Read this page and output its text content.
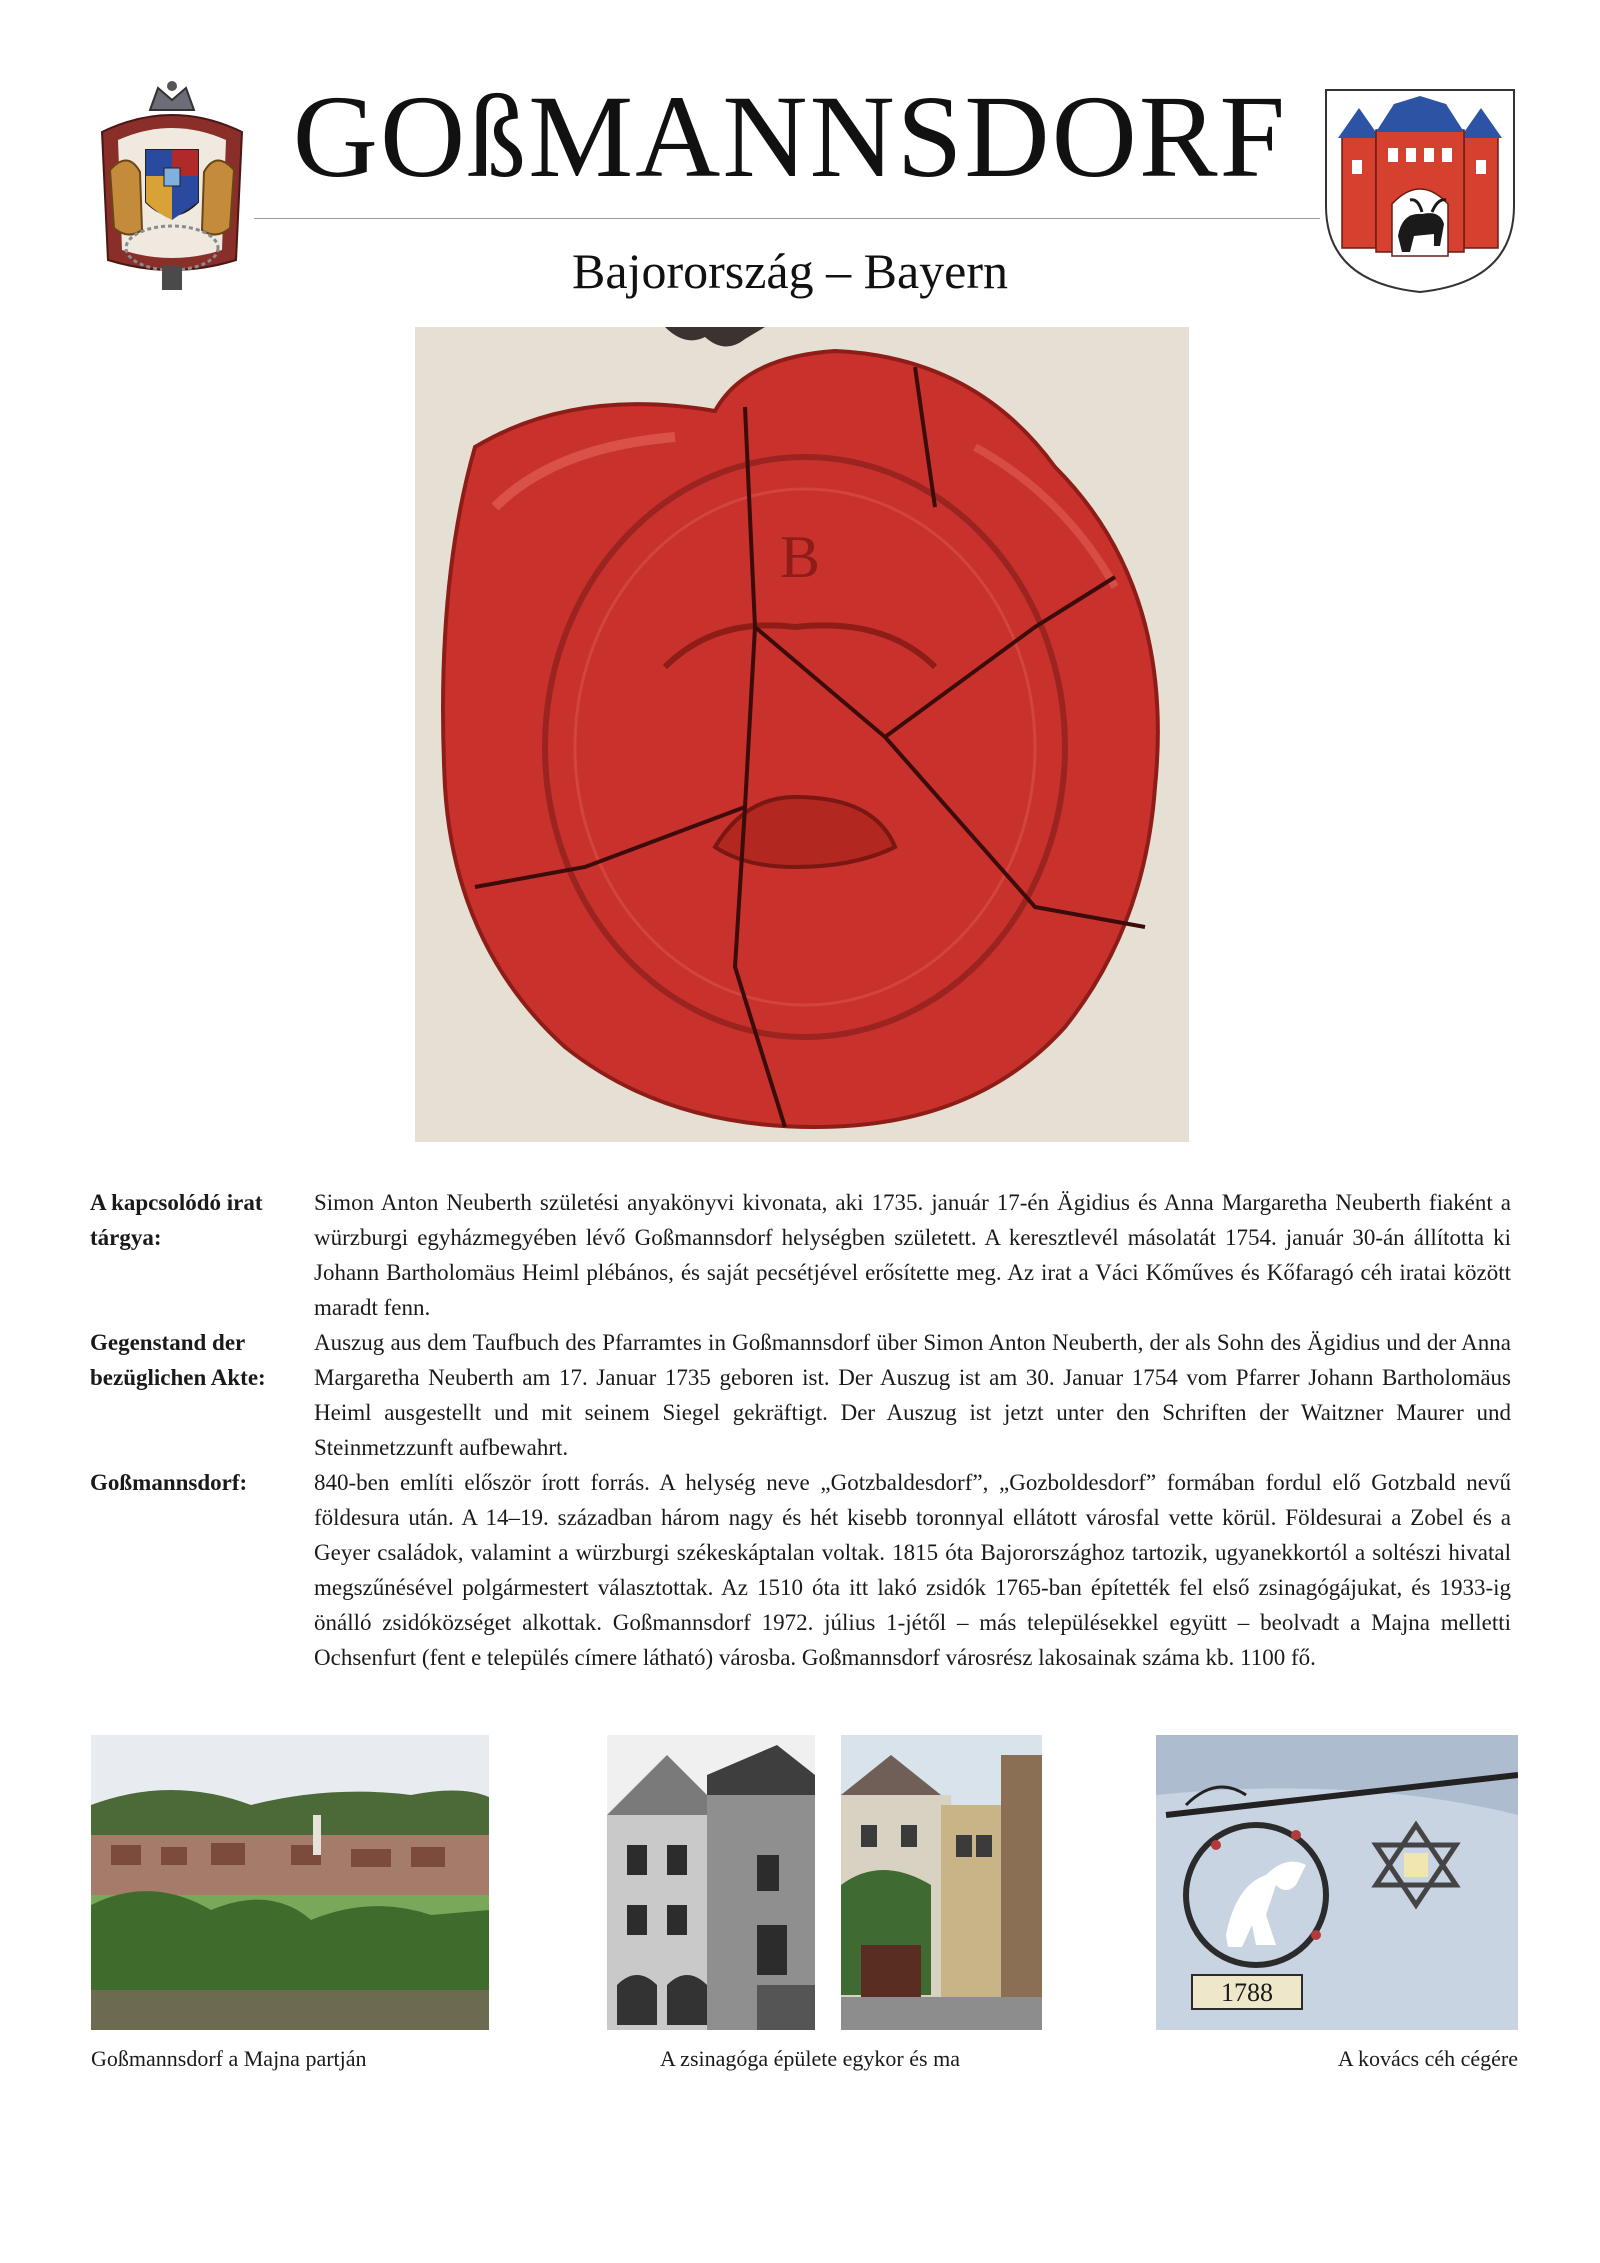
GOßMANNSDORF
Bajorország – Bayern
B
A kapcsolódó irat tárgya:
Simon Anton Neuberth születési anyakönyvi kivonata, aki 1735. január 17-én Ägidius és Anna Margaretha Neuberth fiaként a würzburgi egyházmegyében lévő Goßmannsdorf helységben született. A keresztlevél másolatát 1754. január 30-án állította ki Johann Bartholomäus Heiml plébános, és saját pecsétjével erősítette meg. Az irat a Váci Kőműves és Kőfaragó céh iratai között maradt fenn.
Gegenstand der bezüglichen Akte:
Auszug aus dem Taufbuch des Pfarramtes in Goßmannsdorf über Simon Anton Neuberth, der als Sohn des Ägidius und der Anna Margaretha Neuberth am 17. Januar 1735 geboren ist. Der Auszug ist am 30. Januar 1754 vom Pfarrer Johann Bartholomäus Heiml ausgestellt und mit seinem Siegel gekräftigt. Der Auszug ist jetzt unter den Schriften der Waitzner Maurer und Steinmetzzunft aufbewahrt.
Goßmannsdorf:	840-ben említi először írott forrás. A helység neve „Gotzbaldesdorf”, „Gozboldesdorf” formában fordul elő Gotzbald nevű földesura után. A 14–19. században három nagy és hét kisebb toronnyal ellátott városfal vette körül. Földesurai a Zobel és a Geyer családok, valamint a würzburgi székeskáptalan voltak. 1815 óta Bajorországhoz tartozik, ugyanekkortól a soltészi hivatal megszűnésével polgármestert választottak. Az 1510 óta itt lakó zsidók 1765-ban építették fel első zsinagógájukat, és 1933-ig önálló zsidóközséget alkottak. Goßmannsdorf 1972. július 1-jétől – más településekkel együtt – beolvadt a Majna melletti Ochsenfurt (fent e település címere látható) városba. Goßmannsdorf városrész lakosainak száma kb. 1100 fő.
1788
Goßmannsdorf a Majna partján	A zsinagóga épülete egykor és ma	A kovács céh cégére
